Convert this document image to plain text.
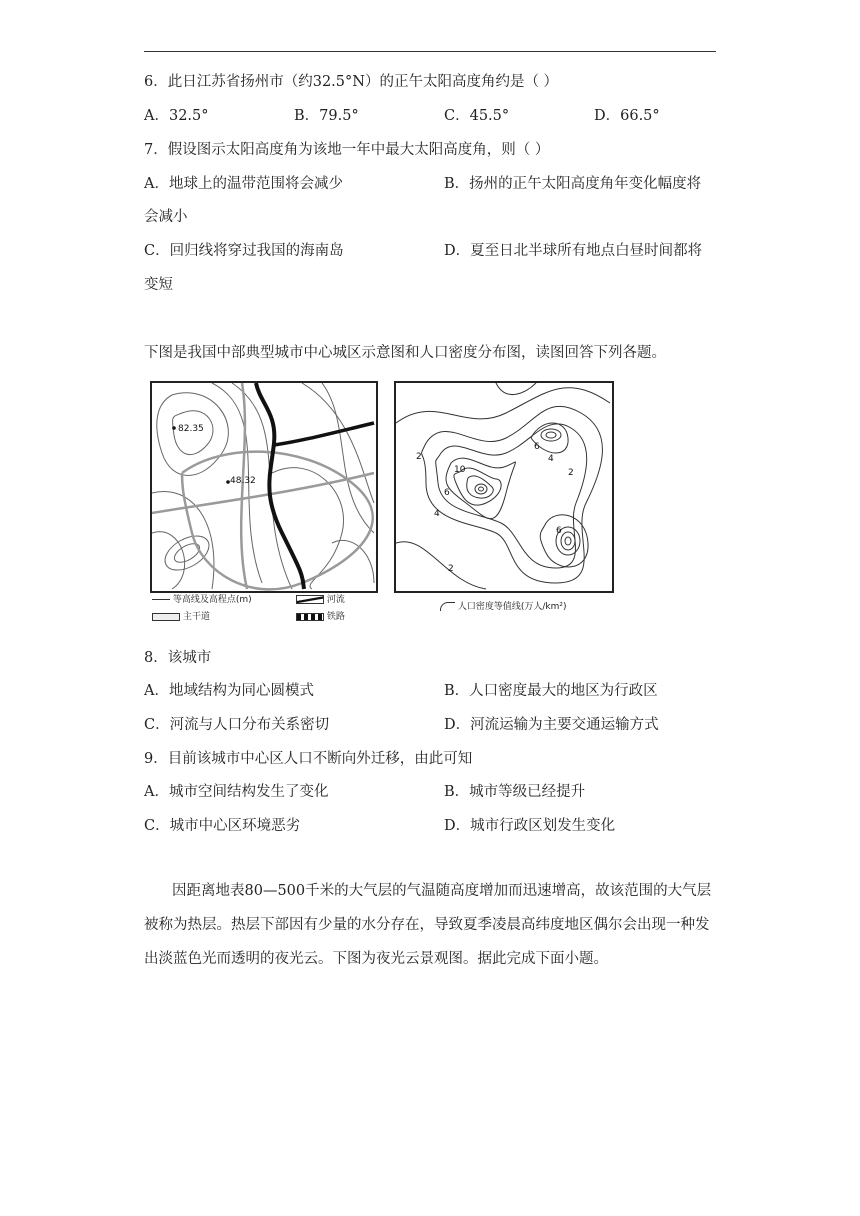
6．此日江苏省扬州市（约32.5°N）的正午太阳高度角约是（ ）
A．32.5°	B．79.5°	C．45.5°	D．66.5°
7．假设图示太阳高度角为该地一年中最大太阳高度角，则（ ）
A．地球上的温带范围将会减少	B．扬州的正午太阳高度角年变化幅度将
会减小
C．回归线将穿过我国的海南岛	D．夏至日北半球所有地点白昼时间都将
变短
下图是我国中部典型城市中心城区示意图和人口密度分布图，读图回答下列各题。
82.35
48.32
等高线及高程点(m)	河流
主干道	铁路
10
6
4
2
6
4
2
6
2
人口密度等值线(万人/km²)
8．该城市
A．地域结构为同心圆模式	B．人口密度最大的地区为行政区
C．河流与人口分布关系密切	D．河流运输为主要交通运输方式
9．目前该城市中心区人口不断向外迁移，由此可知
A．城市空间结构发生了变化	B．城市等级已经提升
C．城市中心区环境恶劣	D．城市行政区划发生变化
因距离地表80—500千米的大气层的气温随高度增加而迅速增高，故该范围的大气层被称为热层。热层下部因有少量的水分存在，导致夏季凌晨高纬度地区偶尔会出现一种发出淡蓝色光而透明的夜光云。下图为夜光云景观图。据此完成下面小题。
